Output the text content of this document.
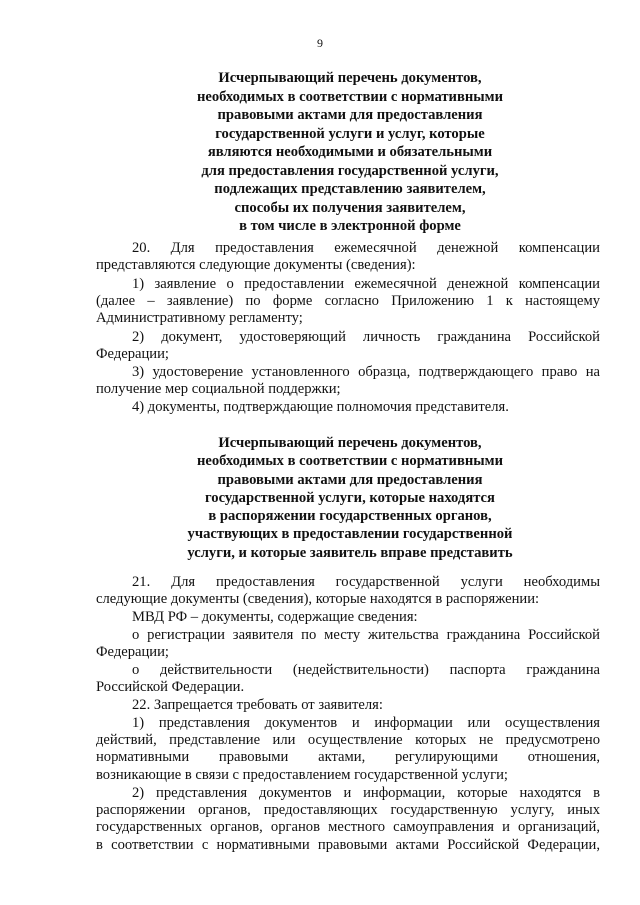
9
Исчерпывающий перечень документов,
необходимых в соответствии с нормативными
правовыми актами для предоставления
государственной услуги и услуг, которые
являются необходимыми и обязательными
для предоставления государственной услуги,
подлежащих представлению заявителем,
способы их получения заявителем,
в том числе в электронной форме
20. Для предоставления ежемесячной денежной компенсации
представляются следующие документы (сведения):
1) заявление о предоставлении ежемесячной денежной компенсации
(далее – заявление) по форме согласно Приложению 1 к настоящему
Административному регламенту;
2) документ, удостоверяющий личность гражданина Российской
Федерации;
3) удостоверение установленного образца, подтверждающего право на
получение мер социальной поддержки;
4) документы, подтверждающие полномочия представителя.
Исчерпывающий перечень документов,
необходимых в соответствии с нормативными
правовыми актами для предоставления
государственной услуги, которые находятся
в распоряжении государственных органов,
участвующих в предоставлении государственной
услуги, и которые заявитель вправе представить
21. Для предоставления государственной услуги необходимы
следующие документы (сведения), которые находятся в распоряжении:
МВД РФ – документы, содержащие сведения:
о регистрации заявителя по месту жительства гражданина Российской
Федерации;
о действительности (недействительности) паспорта гражданина
Российской Федерации.
22. Запрещается требовать от заявителя:
1) представления документов и информации или осуществления
действий, представление или осуществление которых не предусмотрено
нормативными правовыми актами, регулирующими отношения,
возникающие в связи с предоставлением государственной услуги;
2) представления документов и информации, которые находятся в
распоряжении органов, предоставляющих государственную услугу, иных
государственных органов, органов местного самоуправления и организаций,
в соответствии с нормативными правовыми актами Российской Федерации,
